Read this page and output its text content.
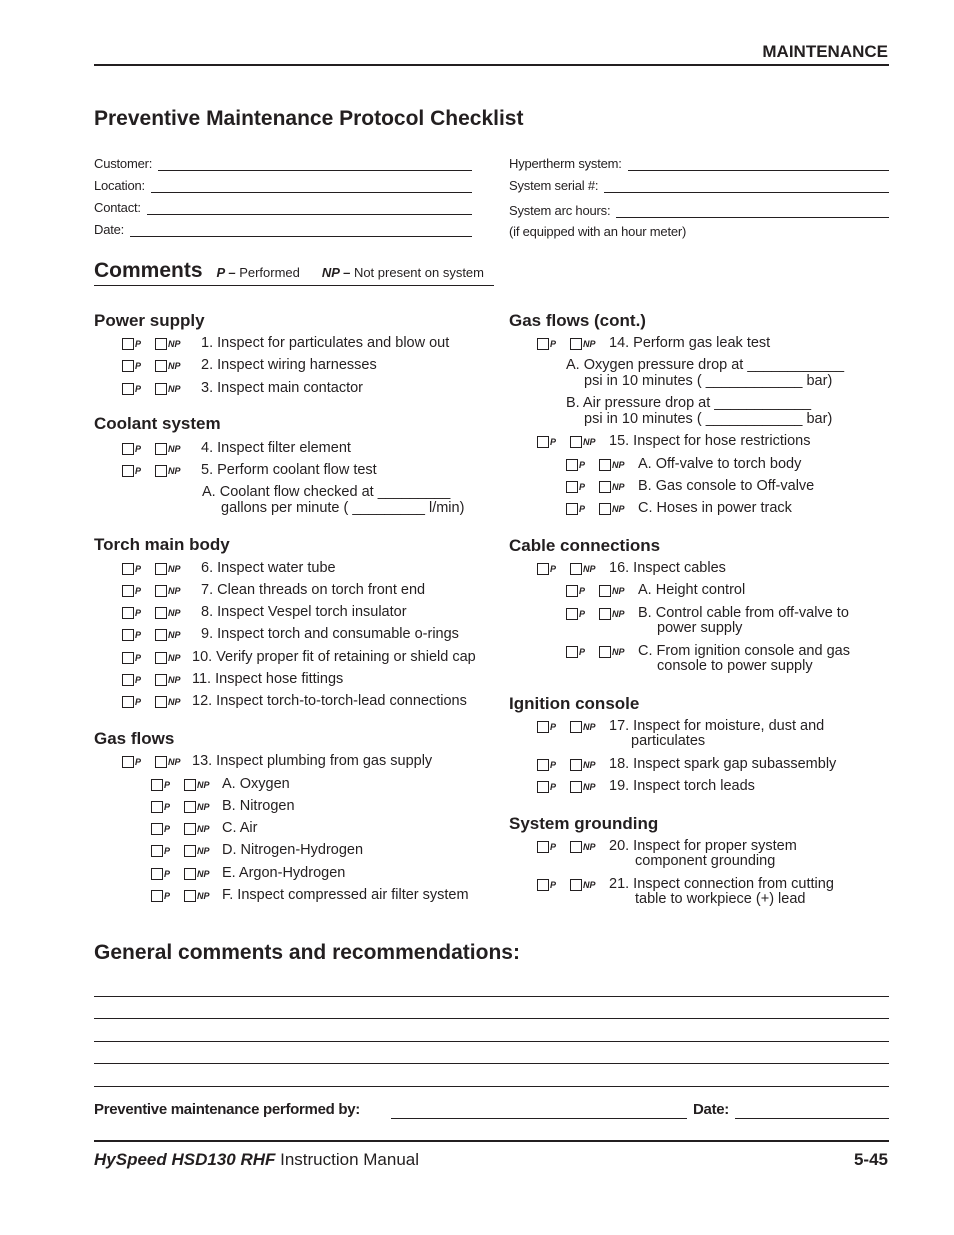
MAINTENANCE
Preventive Maintenance Protocol Checklist
Customer:
Location:
Contact:
Date:
Hypertherm system:
System serial #:
System arc hours:
(if equipped with an hour meter)
Comments P – Performed NP – Not present on system
Power supply
P	NP 1. Inspect for particulates and blow out
P	NP 2. Inspect wiring harnesses
P	NP 3. Inspect main contactor
Coolant system
P	NP 4. Inspect filter element
P	NP 5. Perform coolant flow test
A. Coolant flow checked at _________
gallons per minute ( _________ l/min)
Torch main body
P	NP 6. Inspect water tube
P	NP 7. Clean threads on torch front end
P	NP 8. Inspect Vespel torch insulator
P	NP 9. Inspect torch and consumable o-rings
P	NP 10. Verify proper fit of retaining or shield cap
P	NP 11. Inspect hose fittings
P	NP 12. Inspect torch-to-torch-lead connections
Gas flows
P	NP 13. Inspect plumbing from gas supply
P	NP A. Oxygen
P	NP B. Nitrogen
P	NP C. Air
P	NP D. Nitrogen-Hydrogen
P	NP E. Argon-Hydrogen
P	NP F. Inspect compressed air filter system
Gas flows (cont.)
P	NP 14. Perform gas leak test
A. Oxygen pressure drop at ____________
psi in 10 minutes ( ____________ bar)
B. Air pressure drop at ____________
psi in 10 minutes ( ____________ bar)
P	NP 15. Inspect for hose restrictions
P	NP A. Off-valve to torch body
P	NP B. Gas console to Off-valve
P	NP C. Hoses in power track
Cable connections
P	NP 16. Inspect cables
P	NP A. Height control
P	NP B. Control cable from off-valve to
power supply
P	NP C. From ignition console and gas
console to power supply
Ignition console
P	NP 17. Inspect for moisture, dust and
particulates
P	NP 18. Inspect spark gap subassembly
P	NP 19. Inspect torch leads
System grounding
P	NP 20. Inspect for proper system
component grounding
P	NP 21. Inspect connection from cutting
table to workpiece (+) lead
General comments and recommendations:
Preventive maintenance performed by:	Date:
HySpeed HSD130 RHF Instruction Manual	5-45
